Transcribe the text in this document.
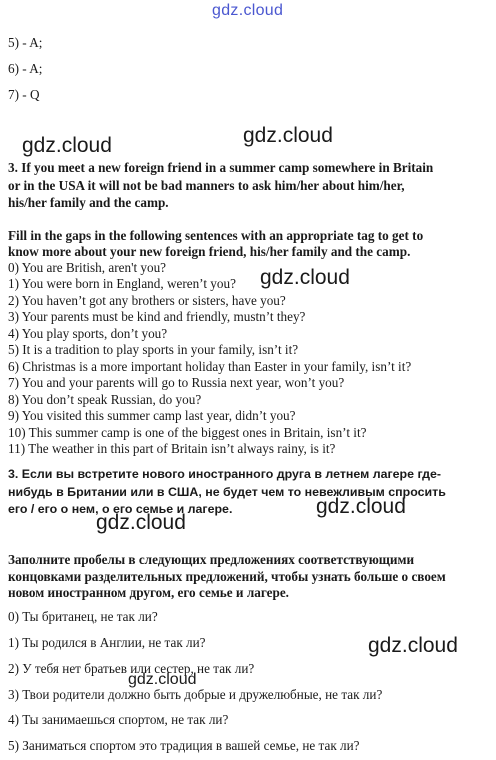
gdz.cloud
5) - A;
6) - A;
7) - Q
gdz.cloud	gdz.cloud
3. If you meet a new foreign friend in a summer camp somewhere in Britain
or in the USA it will not be bad manners to ask him/her about him/her,
his/her family and the camp.
Fill in the gaps in the following sentences with an appropriate tag to get to
know more about your new foreign friend, his/her family and the camp.
0) You are British, aren't you?
1) You were born in England, weren’t you? gdz.cloud
2) You haven’t got any brothers or sisters, have you?
3) Your parents must be kind and friendly, mustn’t they?
4) You play sports, don’t you?
5) It is a tradition to play sports in your family, isn’t it?
6) Christmas is a more important holiday than Easter in your family, isn’t it?
7) You and your parents will go to Russia next year, won’t you?
8) You don’t speak Russian, do you?
9) You visited this summer camp last year, didn’t you?
10) This summer camp is one of the biggest ones in Britain, isn’t it?
11) The weather in this part of Britain isn’t always rainy, is it?
3. Если вы встретите нового иностранного друга в летнем лагере где-
нибудь в Британии или в США, не будет чем то невежливым спросить
его / его о нем, о его семье и лагере.	gdz.cloud
gdz.cloud
Заполните пробелы в следующих предложениях соответствующими
концовками разделительных предложений, чтобы узнать больше о своем
новом иностранном другом, его семье и лагере.
0) Ты британец, не так ли?
1) Ты родился в Англии, не так ли?	gdz.cloud
2) У тебя нет братьев или сестер, не так ли?
gdz.cloud
3) Твои родители должно быть добрые и дружелюбные, не так ли?
4) Ты занимаешься спортом, не так ли?
5) Заниматься спортом это традиция в вашей семье, не так ли?
